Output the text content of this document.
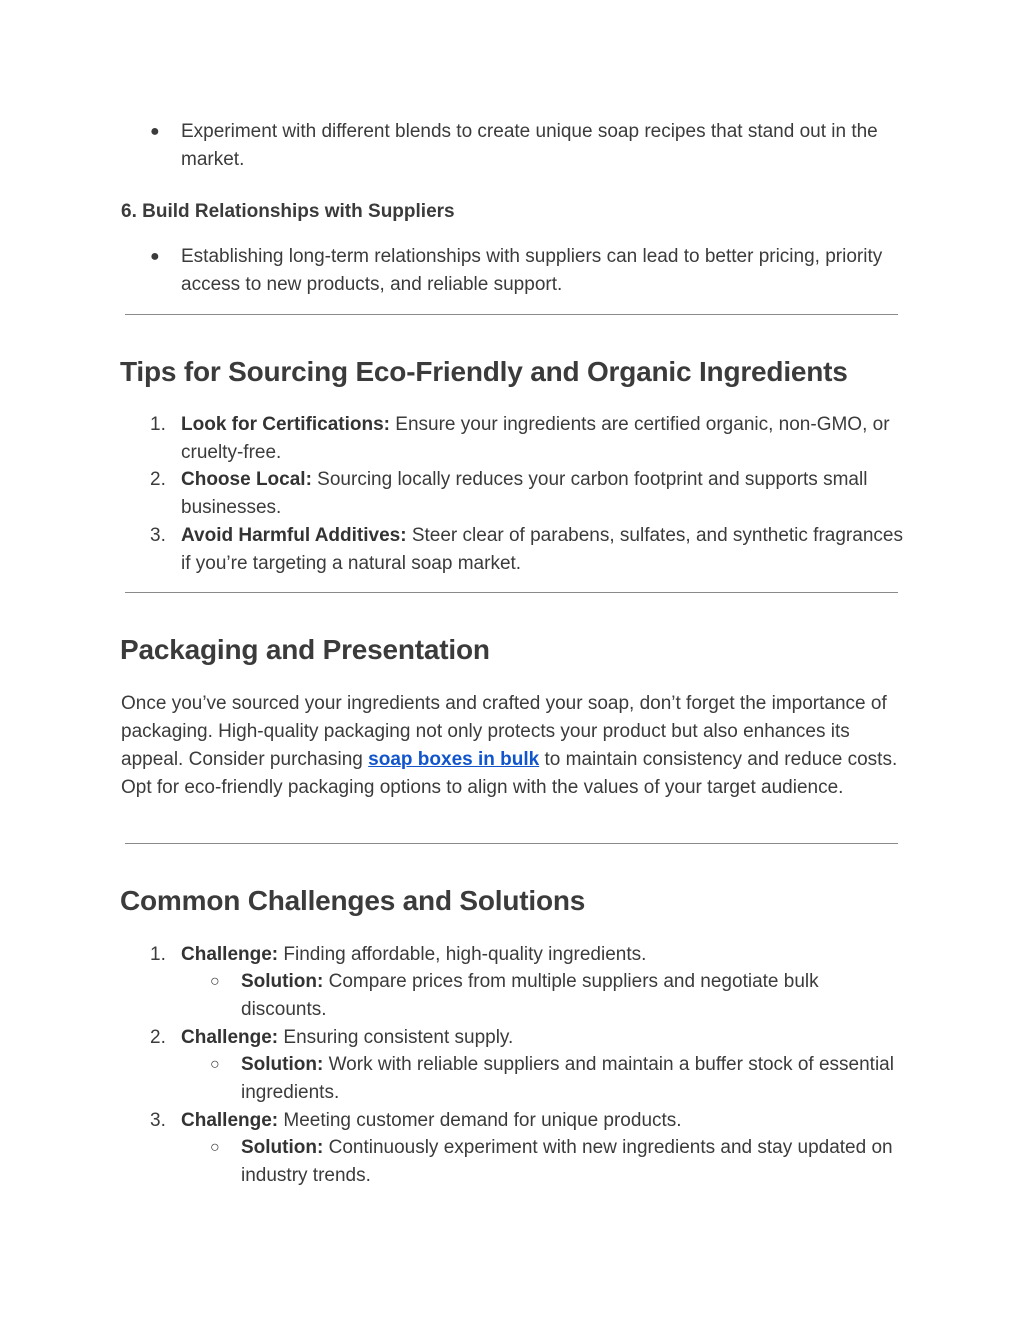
●	Experiment with different blends to create unique soap recipes that stand out in the market.
6. Build Relationships with Suppliers
●	Establishing long-term relationships with suppliers can lead to better pricing, priority access to new products, and reliable support.
Tips for Sourcing Eco-Friendly and Organic Ingredients
1. Look for Certifications: Ensure your ingredients are certified organic, non-GMO, or cruelty-free.
2. Choose Local: Sourcing locally reduces your carbon footprint and supports small businesses.
3. Avoid Harmful Additives: Steer clear of parabens, sulfates, and synthetic fragrances if you’re targeting a natural soap market.
Packaging and Presentation
Once you’ve sourced your ingredients and crafted your soap, don’t forget the importance of packaging. High-quality packaging not only protects your product but also enhances its appeal. Consider purchasing soap boxes in bulk to maintain consistency and reduce costs. Opt for eco-friendly packaging options to align with the values of your target audience.
Common Challenges and Solutions
1. Challenge: Finding affordable, high-quality ingredients.
○ Solution: Compare prices from multiple suppliers and negotiate bulk discounts.
2. Challenge: Ensuring consistent supply.
○ Solution: Work with reliable suppliers and maintain a buffer stock of essential ingredients.
3. Challenge: Meeting customer demand for unique products.
○ Solution: Continuously experiment with new ingredients and stay updated on industry trends.
